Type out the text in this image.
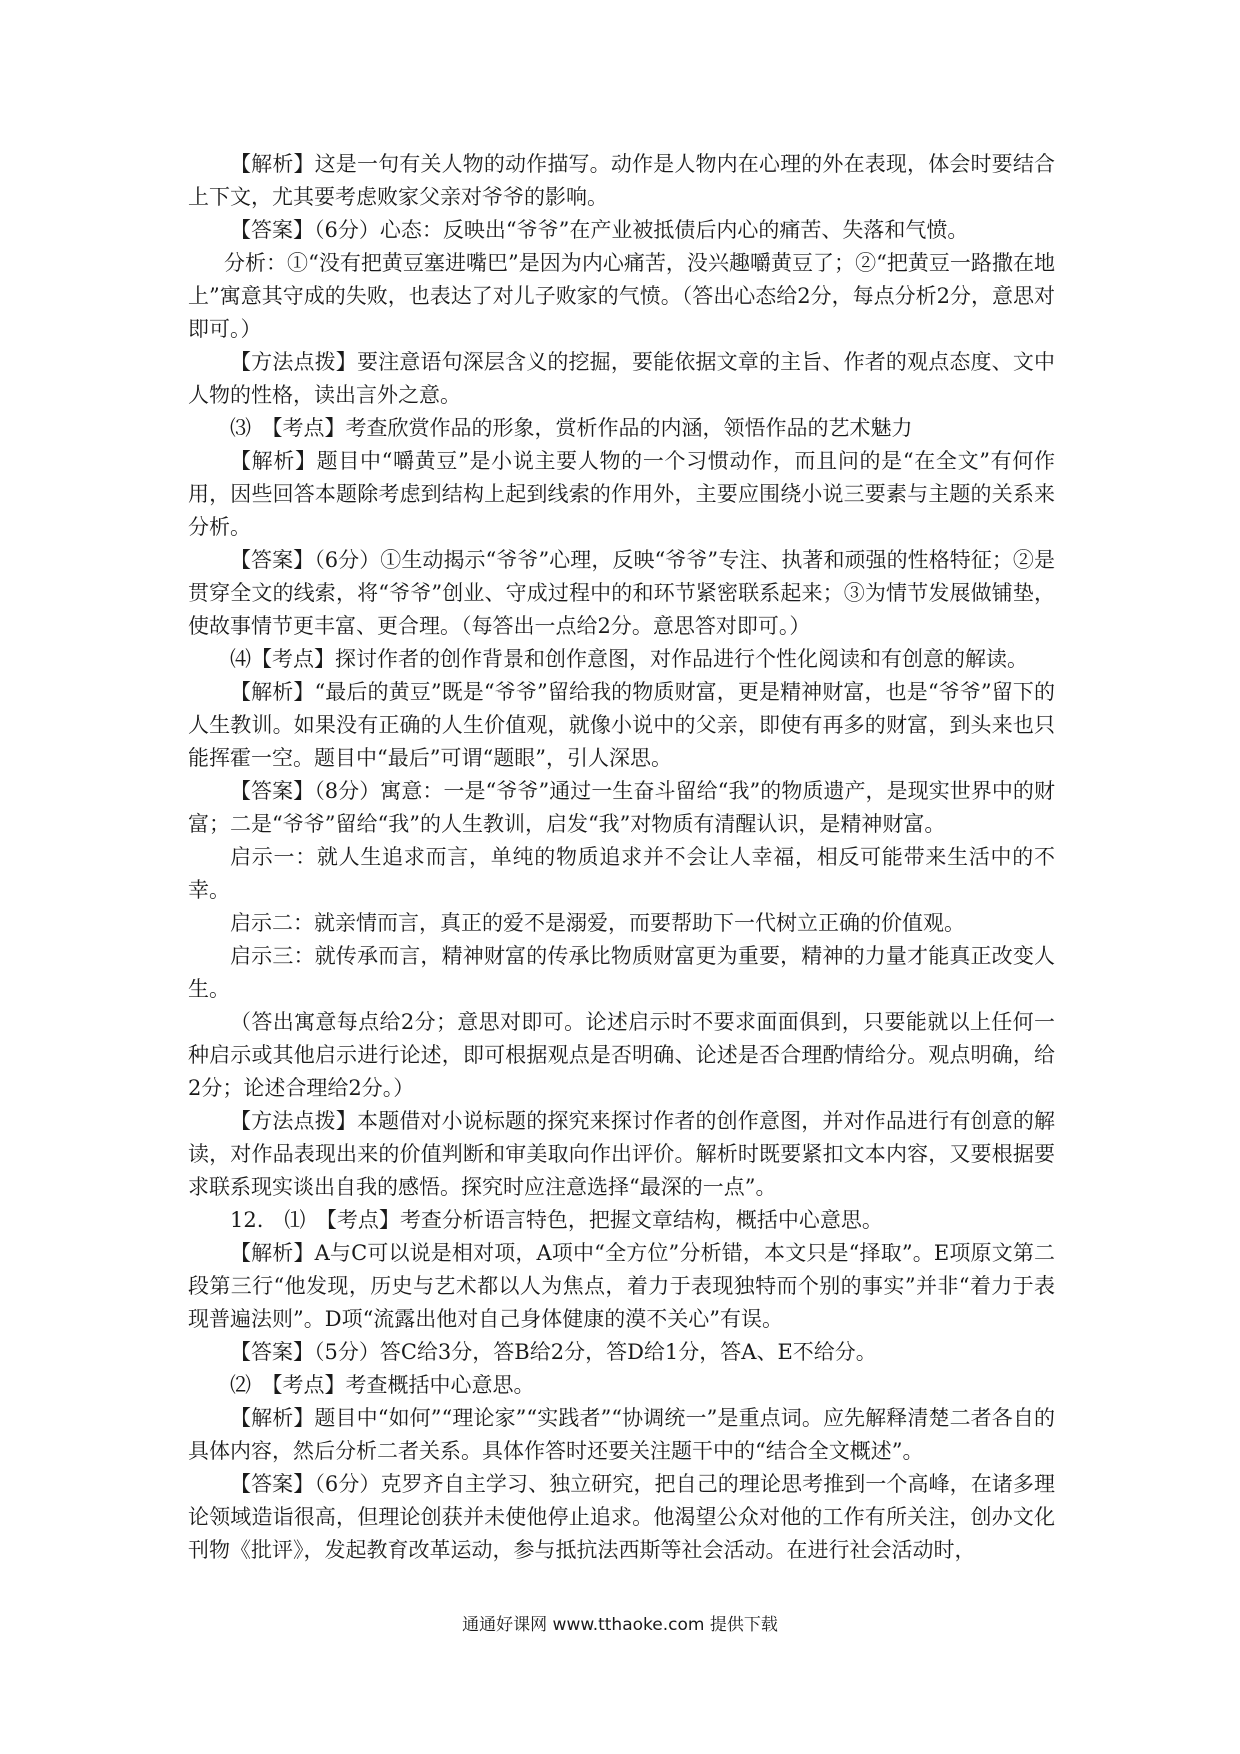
【解析】这是一句有关人物的动作描写。动作是人物内在心理的外在表现，体会时要结合上下文，尤其要考虑败家父亲对爷爷的影响。

【答案】（6分）心态：反映出“爷爷”在产业被抵债后内心的痛苦、失落和气愤。

分析：①“没有把黄豆塞进嘴巴”是因为内心痛苦，没兴趣嚼黄豆了；②“把黄豆一路撒在地上”寓意其守成的失败，也表达了对儿子败家的气愤。（答出心态给2分，每点分析2分，意思对即可。）

【方法点拨】要注意语句深层含义的挖掘，要能依据文章的主旨、作者的观点态度、文中人物的性格，读出言外之意。

⑶　【考点】考查欣赏作品的形象，赏析作品的内涵，领悟作品的艺术魅力

【解析】题目中“嚼黄豆”是小说主要人物的一个习惯动作，而且问的是“在全文”有何作用，因些回答本题除考虑到结构上起到线索的作用外，主要应围绕小说三要素与主题的关系来分析。

【答案】（6分）①生动揭示“爷爷”心理，反映“爷爷”专注、执著和顽强的性格特征；②是贯穿全文的线索，将“爷爷”创业、守成过程中的和环节紧密联系起来；③为情节发展做铺垫，使故事情节更丰富、更合理。（每答出一点给2分。意思答对即可。）

⑷【考点】探讨作者的创作背景和创作意图，对作品进行个性化阅读和有创意的解读。

【解析】“最后的黄豆”既是“爷爷”留给我的物质财富，更是精神财富，也是“爷爷”留下的人生教训。如果没有正确的人生价值观，就像小说中的父亲，即使有再多的财富，到头来也只能挥霍一空。题目中“最后”可谓“题眼”，引人深思。

【答案】（8分）寓意：一是“爷爷”通过一生奋斗留给“我”的物质遗产，是现实世界中的财富；二是“爷爷”留给“我”的人生教训，启发“我”对物质有清醒认识，是精神财富。

启示一：就人生追求而言，单纯的物质追求并不会让人幸福，相反可能带来生活中的不幸。

启示二：就亲情而言，真正的爱不是溺爱，而要帮助下一代树立正确的价值观。

启示三：就传承而言，精神财富的传承比物质财富更为重要，精神的力量才能真正改变人生。

（答出寓意每点给2分；意思对即可。论述启示时不要求面面俱到，只要能就以上任何一种启示或其他启示进行论述，即可根据观点是否明确、论述是否合理酌情给分。观点明确，给2分；论述合理给2分。）

【方法点拨】本题借对小说标题的探究来探讨作者的创作意图，并对作品进行有创意的解读，对作品表现出来的价值判断和审美取向作出评价。解析时既要紧扣文本内容，又要根据要求联系现实谈出自我的感悟。探究时应注意选择“最深的一点”。

12.　⑴　【考点】考查分析语言特色，把握文章结构，概括中心意思。

【解析】A与C可以说是相对项，A项中“全方位”分析错，本文只是“择取”。E项原文第二段第三行“他发现，历史与艺术都以人为焦点，着力于表现独特而个别的事实”并非“着力于表现普遍法则”。D项“流露出他对自己身体健康的漠不关心”有误。

【答案】（5分）答C给3分，答B给2分，答D给1分，答A、E不给分。

⑵　【考点】考查概括中心意思。

【解析】题目中“如何”“理论家”“实践者”“协调统一”是重点词。应先解释清楚二者各自的具体内容，然后分析二者关系。具体作答时还要关注题干中的“结合全文概述”。

【答案】（6分）克罗齐自主学习、独立研究，把自己的理论思考推到一个高峰，在诸多理论领域造诣很高，但理论创获并未使他停止追求。他渴望公众对他的工作有所关注，创办文化刊物《批评》，发起教育改革运动，参与抵抗法西斯等社会活动。在进行社会活动时，

通通好课网 www.tthaoke.com 提供下载
